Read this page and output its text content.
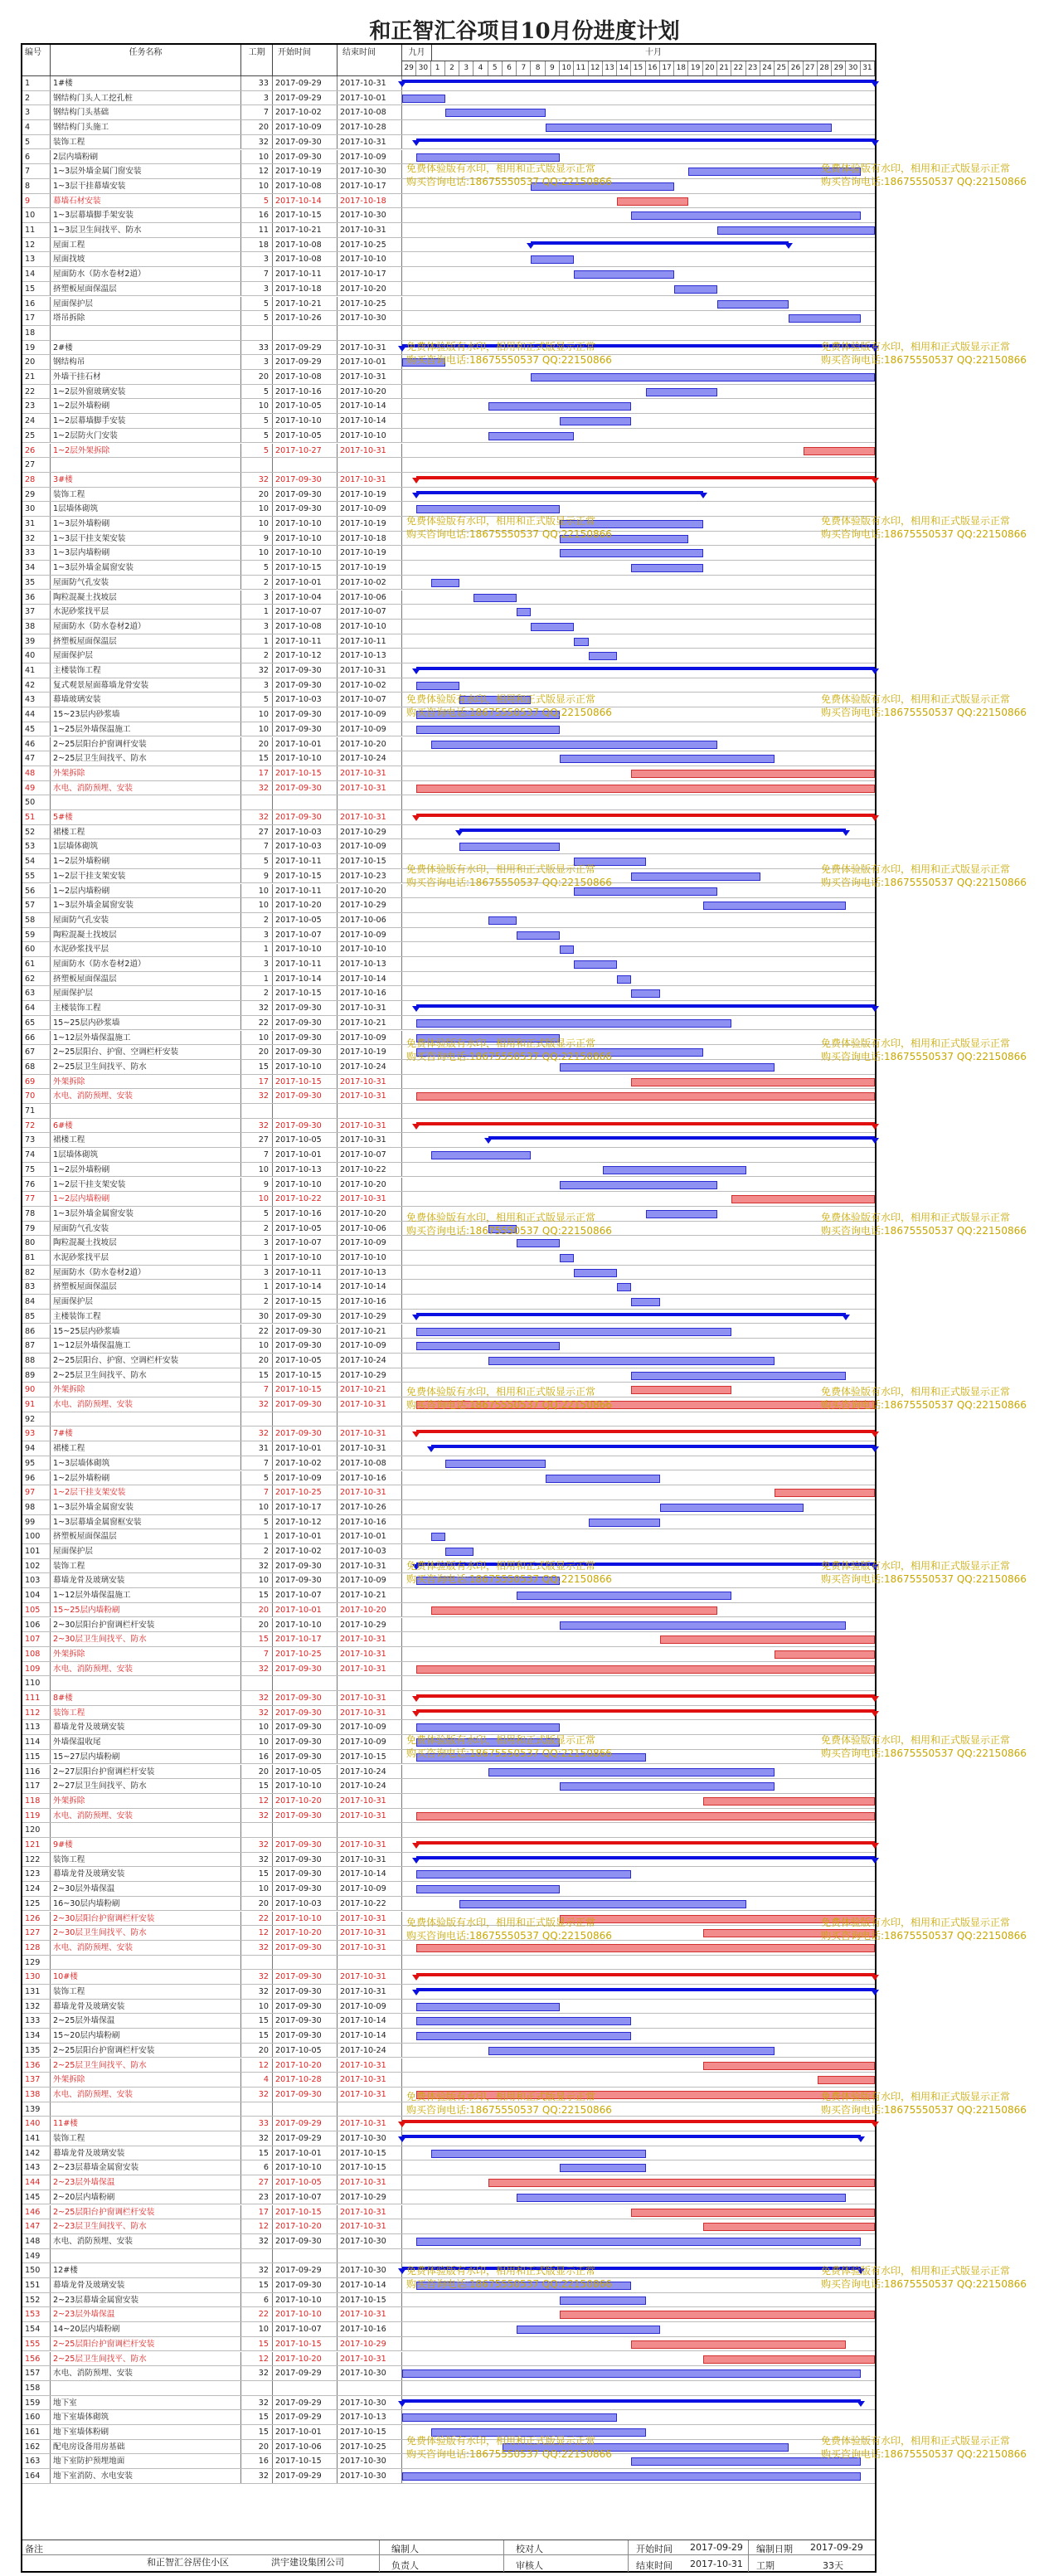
和正智汇谷项目10月份进度计划
编号	任务名称	工期	开始时间	结束时间	九月	十月
29 30 1	2	3	4	5	6	7	8	9 10 11 12 13 14 15 16 17 18 19 20 21 22 23 24 25 26 27 28 29 30 31
1	1#楼	33 2017-09-29	2017-10-31
2	钢结构门头人工挖孔桩	3 2017-09-29	2017-10-01
3	钢结构门头基础	7 2017-10-02	2017-10-08
4	钢结构门头施工	20 2017-10-09	2017-10-28
5	装饰工程	32 2017-09-30	2017-10-31
6	2层内墙粉刷	10 2017-09-30	2017-10-09
7	1~3层外墙金属门窗安装	12 2017-10-19	2017-10-30
8	1~3层干挂幕墙安装	10 2017-10-08	2017-10-17
9	幕墙石材安装	5 2017-10-14	2017-10-18
10	1~3层幕墙脚手架安装	16 2017-10-15	2017-10-30
11	1~3层卫生间找平、防水	11 2017-10-21	2017-10-31
12	屋面工程	18 2017-10-08	2017-10-25
13	屋面找坡	3 2017-10-08	2017-10-10
14	屋面防水（防水卷材2道）	7 2017-10-11	2017-10-17
15	挤塑板屋面保温层	3 2017-10-18	2017-10-20
16	屋面保护层	5 2017-10-21	2017-10-25
17	塔吊拆除	5 2017-10-26	2017-10-30
18
19	2#楼	33 2017-09-29	2017-10-31
20	钢结构吊	3 2017-09-29	2017-10-01
21	外墙干挂石材	20 2017-10-08	2017-10-31
22	1~2层外窗玻璃安装	5 2017-10-16	2017-10-20
23	1~2层外墙粉刷	10 2017-10-05	2017-10-14
24	1~2层幕墙脚手安装	5 2017-10-10	2017-10-14
25	1~2层防火门安装	5 2017-10-05	2017-10-10
26	1~2层外架拆除	5 2017-10-27	2017-10-31
27
28	3#楼	32 2017-09-30	2017-10-31
29	装饰工程	20 2017-09-30	2017-10-19
30	1层墙体砌筑	10 2017-09-30	2017-10-09
31	1~3层外墙粉刷	10 2017-10-10	2017-10-19
32	1~3层干挂支架安装	9 2017-10-10	2017-10-18
33	1~3层内墙粉刷	10 2017-10-10	2017-10-19
34	1~3层外墙金属窗安装	5 2017-10-15	2017-10-19
35	屋面防气孔安装	2 2017-10-01	2017-10-02
36	陶粒混凝土找坡层	3 2017-10-04	2017-10-06
37	水泥砂浆找平层	1 2017-10-07	2017-10-07
38	屋面防水（防水卷材2道）	3 2017-10-08	2017-10-10
39	挤塑板屋面保温层	1 2017-10-11	2017-10-11
40	屋面保护层	2 2017-10-12	2017-10-13
41	主楼装饰工程	32 2017-09-30	2017-10-31
42	复式观景屋面幕墙龙骨安装	3 2017-09-30	2017-10-02
43	幕墙玻璃安装	5 2017-10-03	2017-10-07
44	15~23层内砂浆墙	10 2017-09-30	2017-10-09
45	1~25层外墙保温施工	10 2017-09-30	2017-10-09
46	2~25层阳台护窗调杆安装	20 2017-10-01	2017-10-20
47	2~25层卫生间找平、防水	15 2017-10-10	2017-10-24
48	外架拆除	17 2017-10-15	2017-10-31
49	水电、消防预埋、安装	32 2017-09-30	2017-10-31
50
51	5#楼	32 2017-09-30	2017-10-31
52	裙楼工程	27 2017-10-03	2017-10-29
53	1层墙体砌筑	7 2017-10-03	2017-10-09
54	1~2层外墙粉刷	5 2017-10-11	2017-10-15
55	1~2层干挂支架安装	9 2017-10-15	2017-10-23
56	1~2层内墙粉刷	10 2017-10-11	2017-10-20
57	1~3层外墙金属窗安装	10 2017-10-20	2017-10-29
58	屋面防气孔安装	2 2017-10-05	2017-10-06
59	陶粒混凝土找坡层	3 2017-10-07	2017-10-09
60	水泥砂浆找平层	1 2017-10-10	2017-10-10
61	屋面防水（防水卷材2道）	3 2017-10-11	2017-10-13
62	挤塑板屋面保温层	1 2017-10-14	2017-10-14
63	屋面保护层	2 2017-10-15	2017-10-16
64	主楼装饰工程	32 2017-09-30	2017-10-31
65	15~25层内砂浆墙	22 2017-09-30	2017-10-21
66	1~12层外墙保温施工	10 2017-09-30	2017-10-09
67	2~25层阳台、护窗、空调栏杆安装	20 2017-09-30	2017-10-19
68	2~25层卫生间找平、防水	15 2017-10-10	2017-10-24
69	外架拆除	17 2017-10-15	2017-10-31
70	水电、消防预埋、安装	32 2017-09-30	2017-10-31
71
72	6#楼	32 2017-09-30	2017-10-31
73	裙楼工程	27 2017-10-05	2017-10-31
74	1层墙体砌筑	7 2017-10-01	2017-10-07
75	1~2层外墙粉刷	10 2017-10-13	2017-10-22
76	1~2层干挂支架安装	9 2017-10-10	2017-10-20
77	1~2层内墙粉刷	10 2017-10-22	2017-10-31
78	1~3层外墙金属窗安装	5 2017-10-16	2017-10-20
79	屋面防气孔安装	2 2017-10-05	2017-10-06
80	陶粒混凝土找坡层	3 2017-10-07	2017-10-09
81	水泥砂浆找平层	1 2017-10-10	2017-10-10
82	屋面防水（防水卷材2道）	3 2017-10-11	2017-10-13
83	挤塑板屋面保温层	1 2017-10-14	2017-10-14
84	屋面保护层	2 2017-10-15	2017-10-16
85	主楼装饰工程	30 2017-09-30	2017-10-29
86	15~25层内砂浆墙	22 2017-09-30	2017-10-21
87	1~12层外墙保温施工	10 2017-09-30	2017-10-09
88	2~25层阳台、护窗、空调栏杆安装	20 2017-10-05	2017-10-24
89	2~25层卫生间找平、防水	15 2017-10-15	2017-10-29
90	外架拆除	7 2017-10-15	2017-10-21
91	水电、消防预埋、安装	32 2017-09-30	2017-10-31
92
93	7#楼	32 2017-09-30	2017-10-31
94	裙楼工程	31 2017-10-01	2017-10-31
95	1~3层墙体砌筑	7 2017-10-02	2017-10-08
96	1~2层外墙粉刷	5 2017-10-09	2017-10-16
97	1~2层干挂支架安装	7 2017-10-25	2017-10-31
98	1~3层外墙金属窗安装	10 2017-10-17	2017-10-26
99	1~3层幕墙金属窗框安装	5 2017-10-12	2017-10-16
100	挤塑板屋面保温层	1 2017-10-01	2017-10-01
101	屋面保护层	2 2017-10-02	2017-10-03
102	装饰工程	32 2017-09-30	2017-10-31
103	幕墙龙骨及玻璃安装	10 2017-09-30	2017-10-09
104	1~12层外墙保温施工	15 2017-10-07	2017-10-21
105	15~25层内墙粉刷	20 2017-10-01	2017-10-20
106	2~30层阳台护窗调栏杆安装	20 2017-10-10	2017-10-29
107	2~30层卫生间找平、防水	15 2017-10-17	2017-10-31
108	外架拆除	7 2017-10-25	2017-10-31
109	水电、消防预埋、安装	32 2017-09-30	2017-10-31
110
111	8#楼	32 2017-09-30	2017-10-31
112	装饰工程	32 2017-09-30	2017-10-31
113	幕墙龙骨及玻璃安装	10 2017-09-30	2017-10-09
114	外墙保温收尾	10 2017-09-30	2017-10-09
115	15~27层内墙粉刷	16 2017-09-30	2017-10-15
116	2~27层阳台护窗调栏杆安装	20 2017-10-05	2017-10-24
117	2~27层卫生间找平、防水	15 2017-10-10	2017-10-24
118	外架拆除	12 2017-10-20	2017-10-31
119	水电、消防预埋、安装	32 2017-09-30	2017-10-31
120
121	9#楼	32 2017-09-30	2017-10-31
122	装饰工程	32 2017-09-30	2017-10-31
123	幕墙龙骨及玻璃安装	15 2017-09-30	2017-10-14
124	2~30层外墙保温	10 2017-09-30	2017-10-09
125	16~30层内墙粉刷	20 2017-10-03	2017-10-22
126	2~30层阳台护窗调栏杆安装	22 2017-10-10	2017-10-31
127	2~30层卫生间找平、防水	12 2017-10-20	2017-10-31
128	水电、消防预埋、安装	32 2017-09-30	2017-10-31
129
130	10#楼	32 2017-09-30	2017-10-31
131	装饰工程	32 2017-09-30	2017-10-31
132	幕墙龙骨及玻璃安装	10 2017-09-30	2017-10-09
133	2~25层外墙保温	15 2017-09-30	2017-10-14
134	15~20层内墙粉刷	15 2017-09-30	2017-10-14
135	2~25层阳台护窗调栏杆安装	20 2017-10-05	2017-10-24
136	2~25层卫生间找平、防水	12 2017-10-20	2017-10-31
137	外架拆除	4 2017-10-28	2017-10-31
138	水电、消防预埋、安装	32 2017-09-30	2017-10-31
139
140	11#楼	33 2017-09-29	2017-10-31
141	装饰工程	32 2017-09-29	2017-10-30
142	幕墙龙骨及玻璃安装	15 2017-10-01	2017-10-15
143	2~23层幕墙金属窗安装	6 2017-10-10	2017-10-15
144	2~23层外墙保温	27 2017-10-05	2017-10-31
145	2~20层内墙粉刷	23 2017-10-07	2017-10-29
146	2~25层阳台护窗调栏杆安装	17 2017-10-15	2017-10-31
147	2~23层卫生间找平、防水	12 2017-10-20	2017-10-31
148	水电、消防预埋、安装	32 2017-09-30	2017-10-30
149
150	12#楼	32 2017-09-29	2017-10-30
151	幕墙龙骨及玻璃安装	15 2017-09-30	2017-10-14
152	2~23层幕墙金属窗安装	6 2017-10-10	2017-10-15
153	2~23层外墙保温	22 2017-10-10	2017-10-31
154	14~20层内墙粉刷	10 2017-10-07	2017-10-16
155	2~25层阳台护窗调栏杆安装	15 2017-10-15	2017-10-29
156	2~25层卫生间找平、防水	12 2017-10-20	2017-10-31
157	水电、消防预埋、安装	32 2017-09-29	2017-10-30
158
159	地下室	32 2017-09-29	2017-10-30
160	地下室墙体砌筑	15 2017-09-29	2017-10-13
161	地下室墙体粉刷	15 2017-10-01	2017-10-15
162	配电房设备用房基础	20 2017-10-06	2017-10-25
163	地下室防护预埋地面	16 2017-10-15	2017-10-30
164	地下室消防、水电安装	32 2017-09-29	2017-10-30
免费体验版有水印，相用和正式版显示正常
购买咨询电话:18675550537 QQ:22150866
免费体验版有水印，相用和正式版显示正常
购买咨询电话:18675550537 QQ:22150866
免费体验版有水印，相用和正式版显示正常
购买咨询电话:18675550537 QQ:22150866
免费体验版有水印，相用和正式版显示正常
购买咨询电话:18675550537 QQ:22150866
免费体验版有水印，相用和正式版显示正常
购买咨询电话:18675550537 QQ:22150866
免费体验版有水印，相用和正式版显示正常
购买咨询电话:18675550537 QQ:22150866
免费体验版有水印，相用和正式版显示正常
购买咨询电话:18675550537 QQ:22150866
免费体验版有水印，相用和正式版显示正常
购买咨询电话:18675550537 QQ:22150866
免费体验版有水印，相用和正式版显示正常
购买咨询电话:18675550537 QQ:22150866
免费体验版有水印，相用和正式版显示正常
购买咨询电话:18675550537 QQ:22150866
免费体验版有水印，相用和正式版显示正常
购买咨询电话:18675550537 QQ:22150866
免费体验版有水印，相用和正式版显示正常
购买咨询电话:18675550537 QQ:22150866
免费体验版有水印，相用和正式版显示正常
购买咨询电话:18675550537 QQ:22150866
免费体验版有水印，相用和正式版显示正常
购买咨询电话:18675550537 QQ:22150866
免费体验版有水印，相用和正式版显示正常
购买咨询电话:18675550537 QQ:22150866
免费体验版有水印，相用和正式版显示正常
购买咨询电话:18675550537 QQ:22150866
免费体验版有水印，相用和正式版显示正常
购买咨询电话:18675550537 QQ:22150866
免费体验版有水印，相用和正式版显示正常
购买咨询电话:18675550537 QQ:22150866
免费体验版有水印，相用和正式版显示正常
购买咨询电话:18675550537 QQ:22150866
免费体验版有水印，相用和正式版显示正常
购买咨询电话:18675550537 QQ:22150866
免费体验版有水印，相用和正式版显示正常
购买咨询电话:18675550537 QQ:22150866
免费体验版有水印，相用和正式版显示正常
购买咨询电话:18675550537 QQ:22150866
免费体验版有水印，相用和正式版显示正常
购买咨询电话:18675550537 QQ:22150866
免费体验版有水印，相用和正式版显示正常
购买咨询电话:18675550537 QQ:22150866
免费体验版有水印，相用和正式版显示正常
购买咨询电话:18675550537 QQ:22150866
免费体验版有水印，相用和正式版显示正常
购买咨询电话:18675550537 QQ:22150866
免费体验版有水印，相用和正式版显示正常
购买咨询电话:18675550537 QQ:22150866
免费体验版有水印，相用和正式版显示正常
购买咨询电话:18675550537 QQ:22150866
备注
和正智汇谷居住小区	洪宇建设集团公司
编制人	校对人
负责人	审核人
开始时间 2017-09-29 编制日期 2017-09-29
结束时间 2017-10-31 工期	33天
